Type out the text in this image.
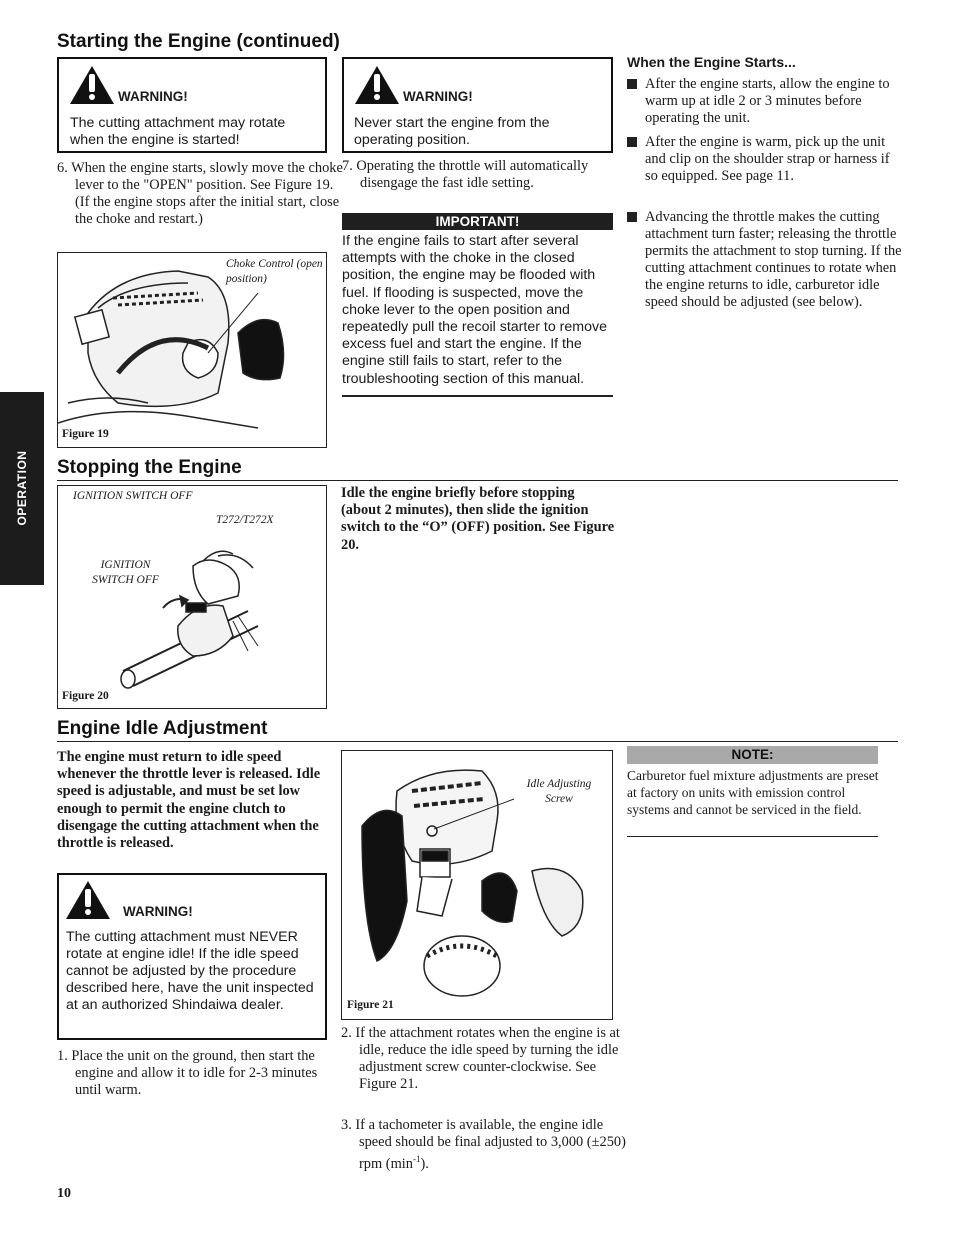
OPERATION
Starting the Engine (continued)
WARNING!
The cutting attachment may rotate when the engine is started!
6. When the engine starts, slowly move the choke lever to the "OPEN" position. See Figure 19. (If the engine stops after the initial start, close the choke and restart.)
Choke Control (open position)
Figure 19
WARNING!
Never start the engine from the operating position.
7. Operating the throttle will automatically disengage the fast idle setting.
IMPORTANT!
If the engine fails to start after several attempts with the choke in the closed position, the engine may be flooded with fuel. If flooding is suspected, move the choke lever to the open position and repeatedly pull the recoil starter to remove excess fuel and start the engine. If the engine still fails to start, refer to the troubleshooting section of this manual.
When the Engine Starts...
After the engine starts, allow the engine to warm up at idle 2 or 3 minutes before operating the unit.
After the engine is warm, pick up the unit and clip on the shoulder strap or harness if so equipped. See page 11.
Advancing the throttle makes the cutting attachment turn faster; releasing the throttle permits the attachment to stop turning. If the cutting attachment continues to rotate when the engine returns to idle, carburetor idle speed should be adjusted (see below).
Stopping the Engine
IGNITION SWITCH OFF
T272/T272X
IGNITION SWITCH OFF
Figure 20
Idle the engine briefly before stopping (about 2 minutes), then slide the ignition switch to the “O” (OFF) position. See Figure 20.
Engine Idle Adjustment
The engine must return to idle speed whenever the throttle lever is released. Idle speed is adjustable, and must be set low enough to permit the engine clutch to disengage the cutting attachment when the throttle is released.
WARNING!
The cutting attachment must NEVER rotate at engine idle! If the idle speed cannot be adjusted by the procedure described here, have the unit inspected at an authorized Shindaiwa dealer.
1. Place the unit on the ground, then start the engine and allow it to idle for 2-3 minutes until warm.
Idle Adjusting Screw
Figure 21
2. If the attachment rotates when the engine is at idle, reduce the idle speed by turning the idle adjustment screw counter-clockwise. See Figure 21.
3. If a tachometer is available, the engine idle speed should be final adjusted to 3,000 (±250) rpm $(\min^{-1})$.
NOTE:
Carburetor fuel mixture adjustments are preset at factory on units with emission control systems and cannot be serviced in the field.
10
